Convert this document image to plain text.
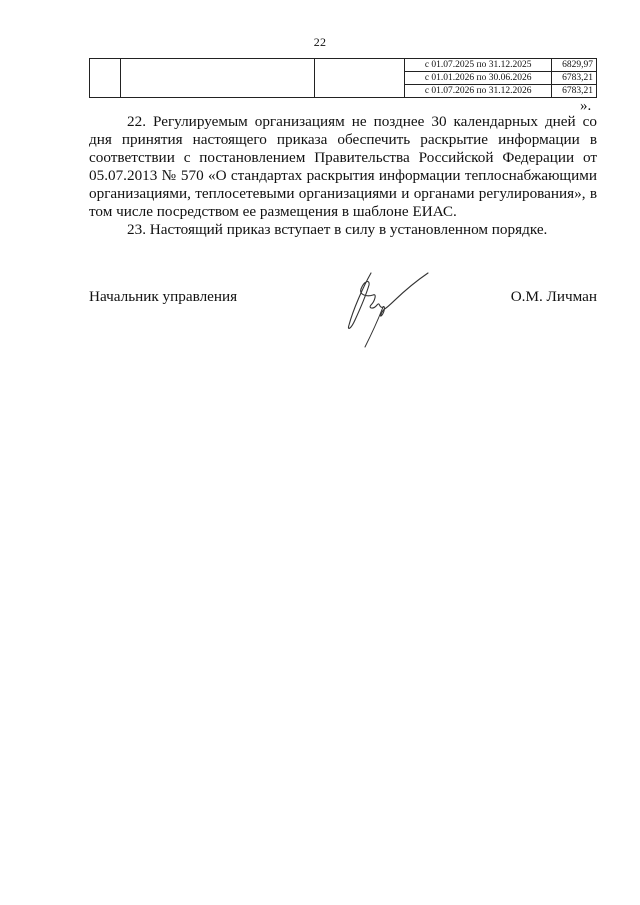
22
			с 01.07.2025 по 31.12.2025	6829,97
			с 01.01.2026 по 30.06.2026	6783,21
			с 01.07.2026 по 31.12.2026	6783,21
».

22. Регулируемым организациям не позднее 30 календарных дней со дня принятия настоящего приказа обеспечить раскрытие информации в соответствии с постановлением Правительства Российской Федерации от 05.07.2013 № 570 «О стандартах раскрытия информации теплоснабжающими организациями, теплосетевыми организациями и органами регулирования», в том числе посредством ее размещения в шаблоне ЕИАС.

23. Настоящий приказ вступает в силу в установленном порядке.

Начальник управления	О.М. Личман
